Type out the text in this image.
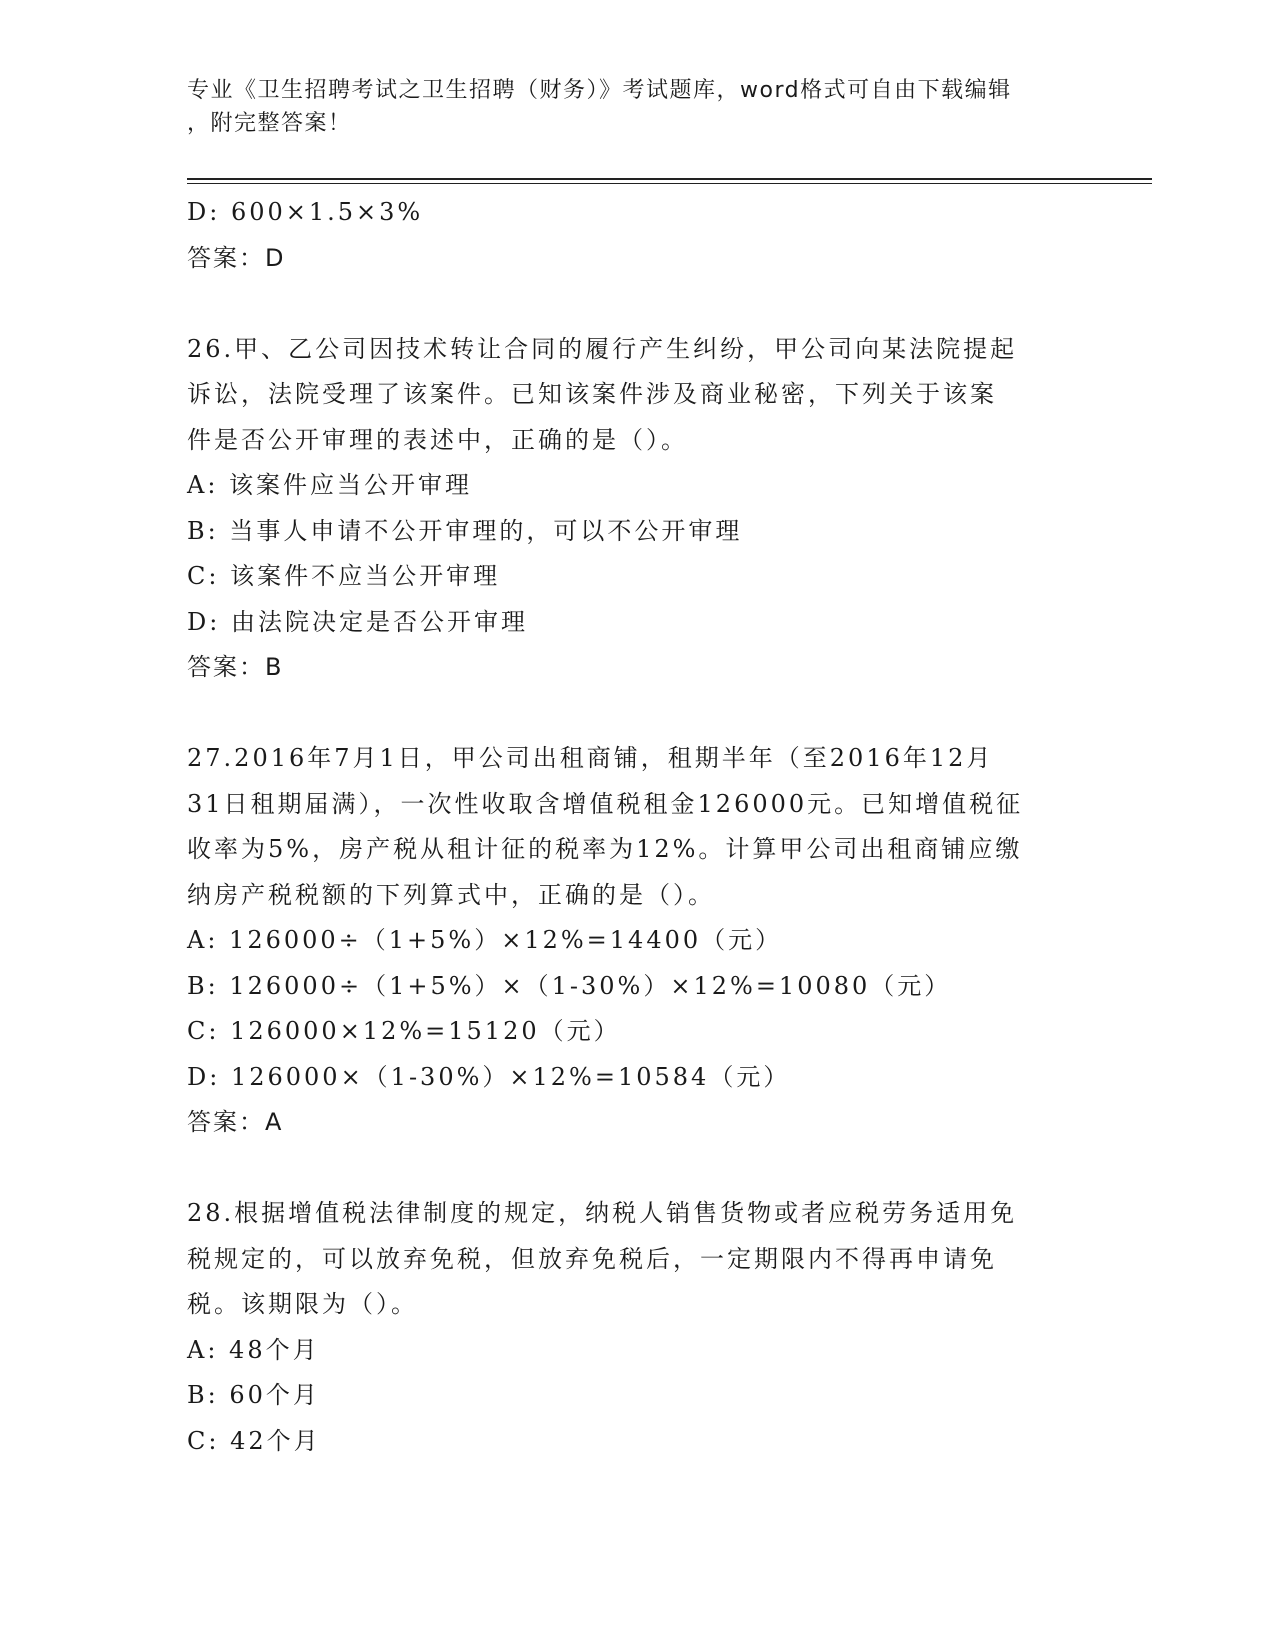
专业《卫生招聘考试之卫生招聘（财务）》考试题库，word格式可自由下载编辑
，附完整答案！
D: 600×1.5×3%
答案：D
26.甲、乙公司因技术转让合同的履行产生纠纷，甲公司向某法院提起
诉讼，法院受理了该案件。已知该案件涉及商业秘密，下列关于该案
件是否公开审理的表述中，正确的是（）。
A: 该案件应当公开审理
B: 当事人申请不公开审理的，可以不公开审理
C: 该案件不应当公开审理
D: 由法院决定是否公开审理
答案：B
27.2016年7月1日，甲公司出租商铺，租期半年（至2016年12月
31日租期届满），一次性收取含增值税租金126000元。已知增值税征
收率为5%，房产税从租计征的税率为12%。计算甲公司出租商铺应缴
纳房产税税额的下列算式中，正确的是（）。
A: 126000÷（1+5%）×12%=14400（元）
B: 126000÷（1+5%）×（1-30%）×12%=10080（元）
C: 126000×12%=15120（元）
D: 126000×（1-30%）×12%=10584（元）
答案：A
28.根据增值税法律制度的规定，纳税人销售货物或者应税劳务适用免
税规定的，可以放弃免税，但放弃免税后，一定期限内不得再申请免
税。该期限为（）。
A: 48个月
B: 60个月
C: 42个月
